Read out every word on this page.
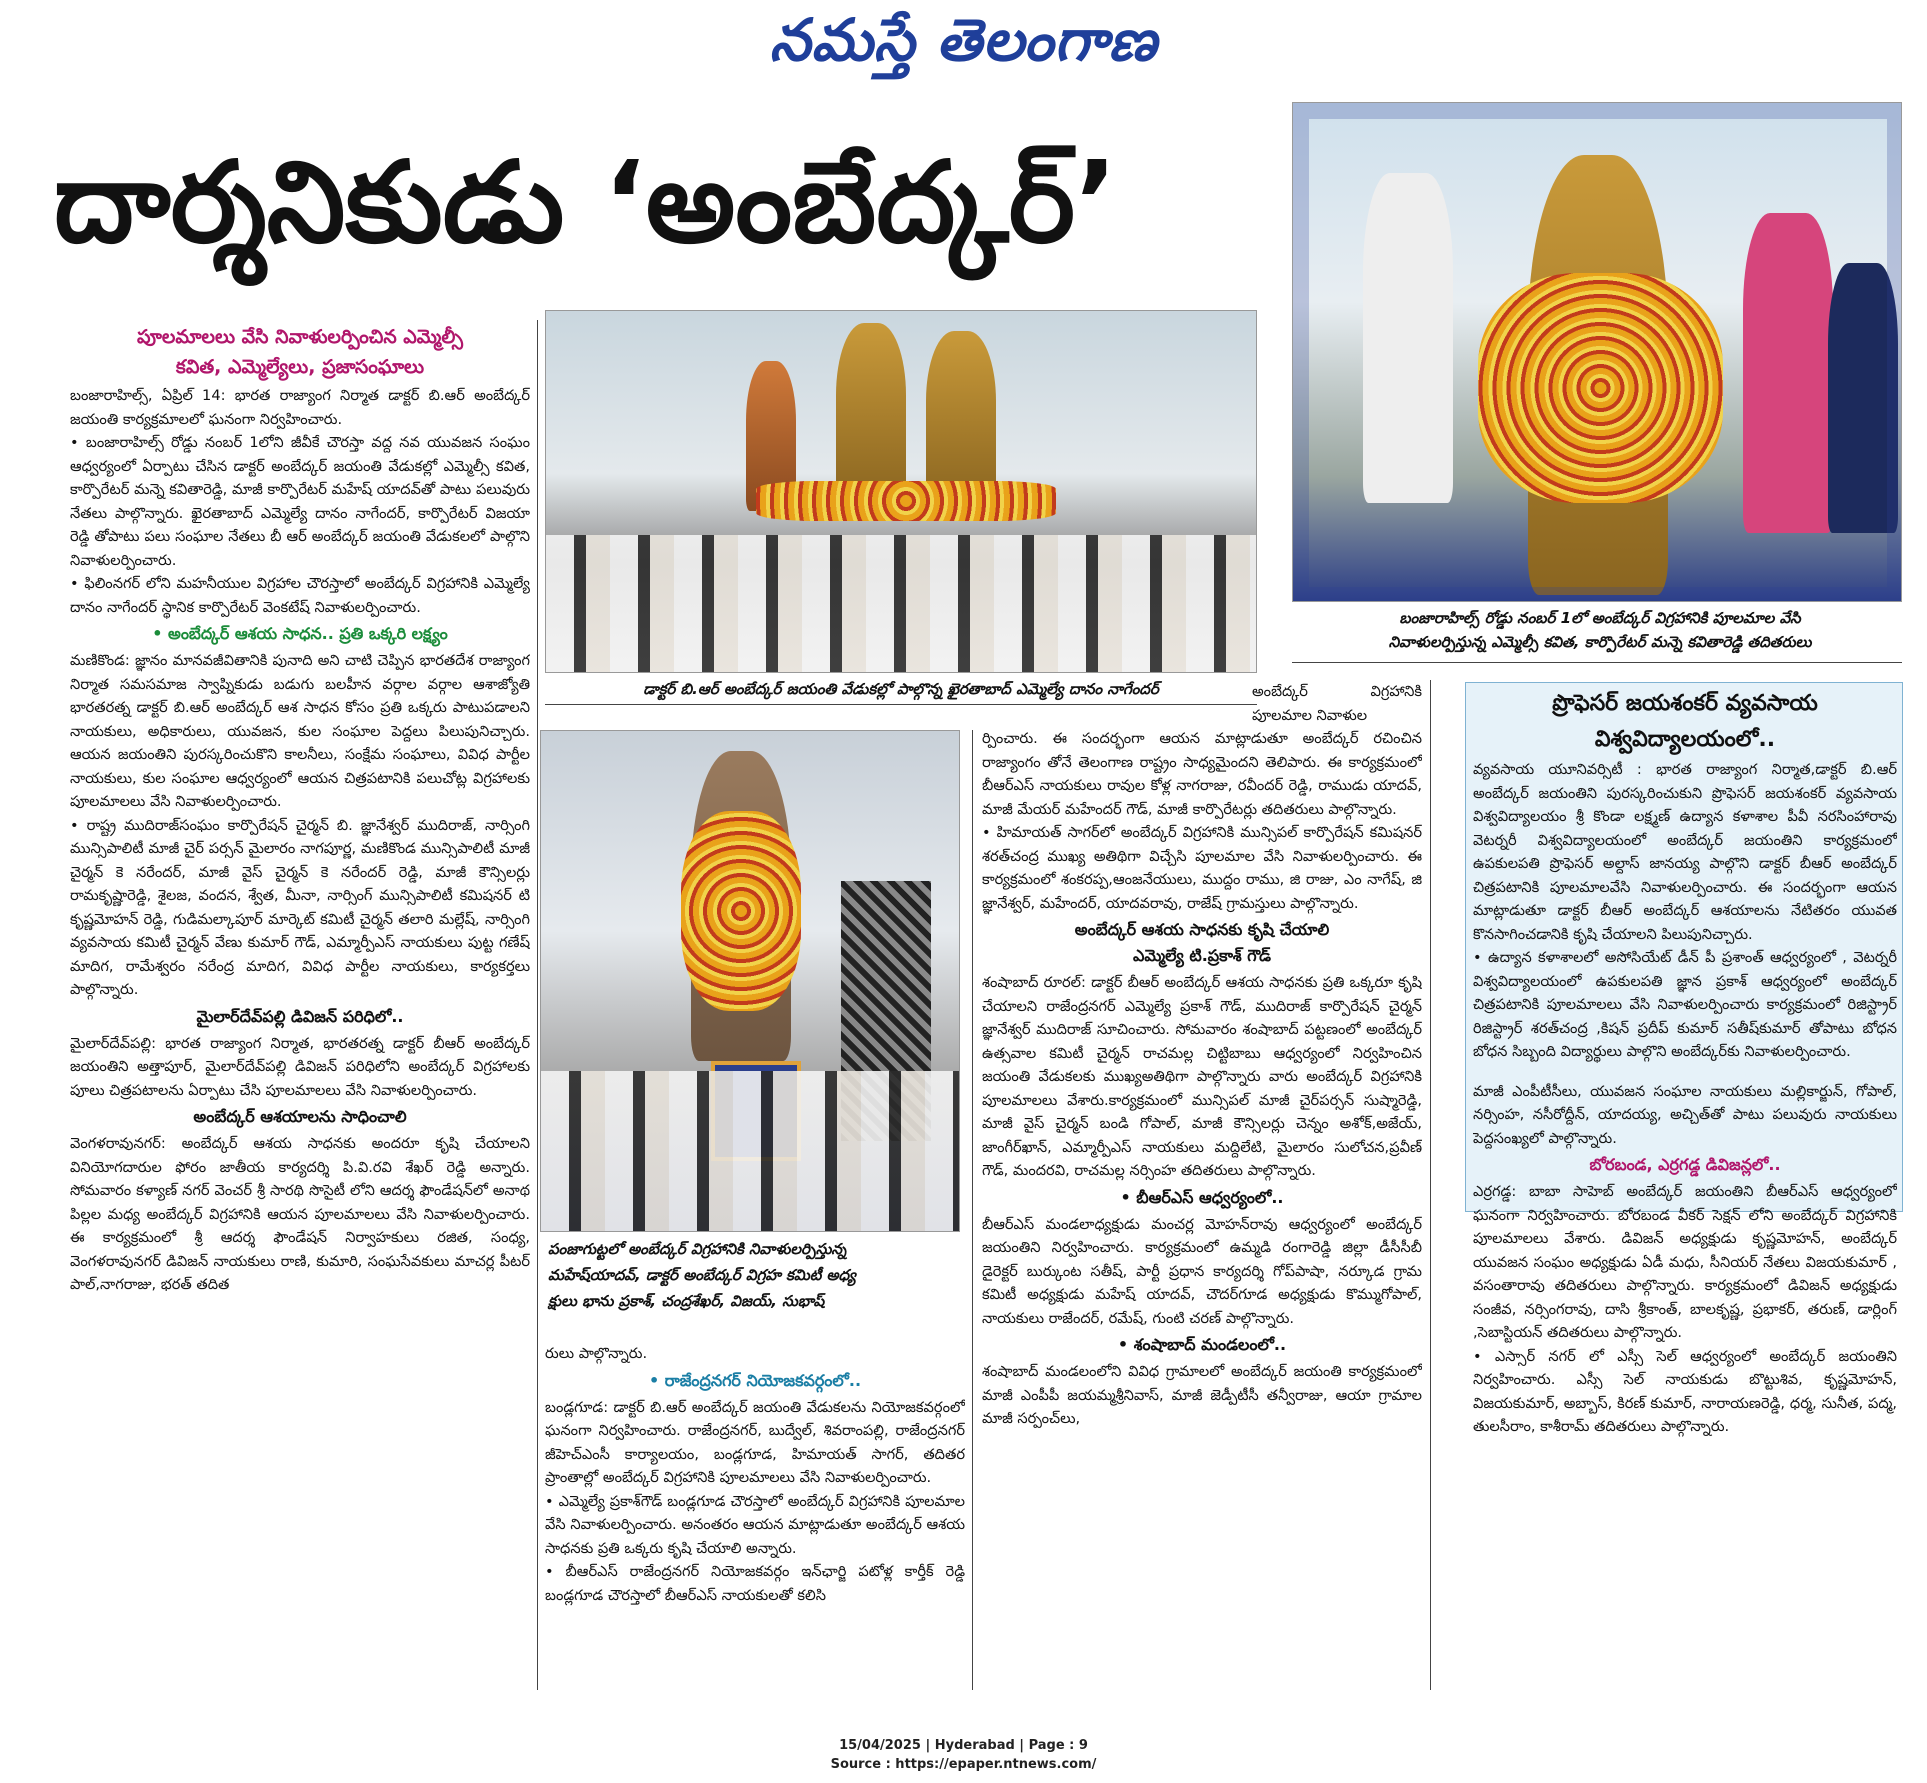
నమస్తే తెలంగాణ
దార్శనికుడు ‘అంబేద్కర్’
బంజారాహిల్స్ రోడ్డు నంబర్ 1లో అంబేద్కర్ విగ్రహానికి పూలమాల వేసి
నివాళులర్పిస్తున్న ఎమ్మెల్సీ కవిత, కార్పొరేటర్ మన్నె కవితారెడ్డి తదితరులు
డాక్టర్ బి.ఆర్ అంబేద్కర్ జయంతి వేడుకల్లో పాల్గొన్న ఖైరతాబాద్ ఎమ్మెల్యే దానం నాగేందర్
పంజాగుట్టలో అంబేద్కర్ విగ్రహానికి నివాళులర్పిస్తున్న
మహేష్‌యాదవ్, డాక్టర్ అంబేద్కర్ విగ్రహ కమిటీ అధ్య
క్షులు భాను ప్రకాశ్, చంద్రశేఖర్, విజయ్, సుభాష్
పూలమాలలు వేసి నివాళులర్పించిన ఎమ్మెల్సీ
కవిత, ఎమ్మెల్యేలు, ప్రజాసంఘాలు

బంజారాహిల్స్, ఏప్రిల్ 14: భారత రాజ్యాంగ నిర్మాత డాక్టర్ బి.ఆర్ అంబేద్కర్ జయంతి కార్యక్రమాలలో ఘనంగా నిర్వహించారు.

• బంజారాహిల్స్ రోడ్డు నంబర్ 1లోని జీవీకే చౌరస్తా వద్ద నవ యువజన సంఘం ఆధ్వర్యంలో ఏర్పాటు చేసిన డాక్టర్ అంబేద్కర్ జయంతి వేడుకల్లో ఎమ్మెల్సీ కవిత, కార్పొరేటర్ మన్నె కవితారెడ్డి, మాజీ కార్పొరేటర్ మహేష్ యాదవ్‌తో పాటు పలువురు నేతలు పాల్గొన్నారు. ఖైరతాబాద్ ఎమ్మెల్యే దానం నాగేందర్, కార్పొరేటర్ విజయా రెడ్డి తోపాటు పలు సంఘాల నేతలు బీ ఆర్ అంబేద్కర్ జయంతి వేడుకలలో పాల్గొని నివాళులర్పించారు.

• ఫిలింనగర్ లోని మహనీయుల విగ్రహాల చౌరస్తాలో అంబేద్కర్ విగ్రహానికి ఎమ్మెల్యే దానం నాగేందర్ స్థానిక కార్పొరేటర్ వెంకటేష్ నివాళులర్పించారు.

• అంబేద్కర్ ఆశయ సాధన.. ప్రతి ఒక్కరి లక్ష్యం

మణికొండ: జ్ఞానం మానవజీవితానికి పునాది అని చాటి చెప్పిన భారతదేశ రాజ్యాంగ నిర్మాత సమసమాజ స్వాప్నికుడు బడుగు బలహీన వర్గాల వర్గాల ఆశాజ్యోతి భారతరత్న డాక్టర్ బి.ఆర్ అంబేద్కర్ ఆశ సాధన కోసం ప్రతి ఒక్కరు పాటుపడాలని నాయకులు, అధికారులు, యువజన, కుల సంఘాల పెద్దలు పిలుపునిచ్చారు. ఆయన జయంతిని పురస్కరించుకొని కాలనీలు, సంక్షేమ సంఘాలు, వివిధ పార్టీల నాయకులు, కుల సంఘాల ఆధ్వర్యంలో ఆయన చిత్రపటానికి పలుచోట్ల విగ్రహాలకు పూలమాలలు వేసి నివాళులర్పించారు.

• రాష్ట్ర ముదిరాజ్‌సంఘం కార్పొరేషన్ చైర్మన్ బి. జ్ఞానేశ్వర్ ముదిరాజ్, నార్సింగి మున్సిపాలిటీ మాజీ చైర్ పర్సన్ మైలారం నాగపూర్ణ, మణికొండ మున్సిపాలిటీ మాజీ చైర్మన్ కె నరేందర్, మాజీ వైస్ చైర్మన్ కె నరేందర్ రెడ్డి, మాజీ కౌన్సిలర్లు రామకృష్ణారెడ్డి, శైలజ, వందన, శ్వేత, మీనా, నార్సింగ్ మున్సిపాలిటీ కమిషనర్ టి కృష్ణమోహన్ రెడ్డి, గుడిమల్కాపూర్ మార్కెట్ కమిటీ చైర్మన్ తలారి మల్లేష్, నార్సింగి వ్యవసాయ కమిటీ చైర్మన్ వేణు కుమార్ గౌడ్, ఎమ్మార్పీఎస్ నాయకులు పుట్ట గణేష్ మాదిగ, రామేశ్వరం నరేంద్ర మాదిగ, వివిధ పార్టీల నాయకులు, కార్యకర్తలు పాల్గొన్నారు.

మైలార్‌దేవ్‌పల్లి డివిజన్ పరిధిలో..

మైలార్‌దేవ్‌పల్లి: భారత రాజ్యాంగ నిర్మాత, భారతరత్న డాక్టర్ బీఆర్ అంబేద్కర్ జయంతిని అత్తాపూర్, మైలార్‌దేవ్‌పల్లి డివిజన్ పరిధిలోని అంబేద్కర్ విగ్రహాలకు పూలు చిత్రపటాలను ఏర్పాటు చేసి పూలమాలలు వేసి నివాళులర్పించారు.

అంబేద్కర్ ఆశయాలను సాధించాలి

వెంగళరావునగర్: అంబేద్కర్ ఆశయ సాధనకు అందరూ కృషి చేయాలని వినియోగదారుల ఫోరం జాతీయ కార్యదర్శి పి.వి.రవి శేఖర్ రెడ్డి అన్నారు. సోమవారం కళ్యాణ్ నగర్ వెంచర్ శ్రీ సారథి సొసైటీ లోని ఆదర్శ ఫౌండేషన్‌లో అనాథ పిల్లల మధ్య అంబేద్కర్ విగ్రహానికి ఆయన పూలమాలలు వేసి నివాళులర్పించారు. ఈ కార్యక్రమంలో శ్రీ ఆదర్శ ఫౌండేషన్ నిర్వాహకులు రజిత, సంధ్య, వెంగళరావునగర్ డివిజన్ నాయకులు రాణి, కుమారి, సంఘసేవకులు మాచర్ల పీటర్ పాల్,నాగరాజు, భరత్ తదిత

రులు పాల్గొన్నారు.

• రాజేంద్రనగర్ నియోజకవర్గంలో..

బండ్లగూడ: డాక్టర్ బి.ఆర్ అంబేద్కర్ జయంతి వేడుకలను నియోజకవర్గంలో ఘనంగా నిర్వహించారు. రాజేంద్రనగర్, బుద్వేల్, శివరాంపల్లి, రాజేంద్రనగర్ జీహెచ్ఎంసీ కార్యాలయం, బండ్లగూడ, హిమాయత్ సాగర్, తదితర ప్రాంతాల్లో అంబేద్కర్ విగ్రహానికి పూలమాలలు వేసి నివాళులర్పించారు.

• ఎమ్మెల్యే ప్రకాశ్‌గౌడ్ బండ్లగూడ చౌరస్తాలో అంబేద్కర్ విగ్రహానికి పూలమాల వేసి నివాళులర్పించారు. అనంతరం ఆయన మాట్లాడుతూ అంబేద్కర్ ఆశయ సాధనకు ప్రతి ఒక్కరు కృషి చేయాలి అన్నారు.

• బీఆర్ఎస్ రాజేంద్రనగర్ నియోజకవర్గం ఇన్‌ఛార్జి పటోళ్ల కార్తీక్ రెడ్డి బండ్లగూడ చౌరస్తాలో బీఆర్ఎస్ నాయకులతో కలిసి

అంబేద్కర్ విగ్రహానికి పూలమాల నివాళుల

ర్పించారు. ఈ సందర్భంగా ఆయన మాట్లాడుతూ అంబేద్కర్ రచించిన రాజ్యాంగం తోనే తెలంగాణ రాష్ట్రం సాధ్యమైందని తెలిపారు. ఈ కార్యక్రమంలో బీఆర్ఎస్ నాయకులు రావుల కోళ్ల నాగరాజు, రవీందర్ రెడ్డి, రాముడు యాదవ్, మాజీ మేయర్ మహేందర్ గౌడ్, మాజీ కార్పొరేటర్లు తదితరులు పాల్గొన్నారు.

• హిమాయత్ సాగర్‌లో అంబేద్కర్ విగ్రహానికి మున్సిపల్ కార్పొరేషన్ కమిషనర్ శరత్‌చంద్ర ముఖ్య అతిథిగా విచ్చేసి పూలమాల వేసి నివాళులర్పించారు. ఈ కార్యక్రమంలో శంకరప్ప,ఆంజనేయులు, ముద్దం రాము, జి రాజు, ఎం నాగేష్, జి జ్ఞానేశ్వర్, మహేందర్, యాదవరావు, రాజేష్ గ్రామస్తులు పాల్గొన్నారు.

అంబేద్కర్ ఆశయ సాధనకు కృషి చేయాలి
ఎమ్మెల్యే టి.ప్రకాశ్ గౌడ్

శంషాబాద్ రూరల్: డాక్టర్ బీఆర్ అంబేద్కర్ ఆశయ సాధనకు ప్రతి ఒక్కరూ కృషి చేయాలని రాజేంద్రనగర్ ఎమ్మెల్యే ప్రకాశ్ గౌడ్, ముదిరాజ్ కార్పొరేషన్ చైర్మన్ జ్ఞానేశ్వర్ ముదిరాజ్ సూచించారు. సోమవారం శంషాబాద్ పట్టణంలో అంబేద్కర్ ఉత్సవాల కమిటీ చైర్మన్ రాచమల్ల చిట్టిబాబు ఆధ్వర్యంలో నిర్వహించిన జయంతి వేడుకలకు ముఖ్యఅతిథిగా పాల్గొన్నారు వారు అంబేద్కర్ విగ్రహానికి పూలమాలలు వేశారు.కార్యక్రమంలో మున్సిపల్ మాజీ చైర్‌పర్సన్ సుష్మారెడ్డి, మాజీ వైస్ చైర్మన్ బండి గోపాల్, మాజీ కౌన్సిలర్లు చెన్నం అశోక్,అజేయ్, జాంగీర్‌ఖాన్, ఎమ్మార్పీఎస్ నాయకులు మద్దిలేటి, మైలారం సులోచన,ప్రవీణ్ గౌడ్, మందరవి, రాచమల్ల నర్సింహ తదితరులు పాల్గొన్నారు.

• బీఆర్ఎస్ ఆధ్వర్యంలో..

బీఆర్ఎస్ మండలాధ్యక్షుడు మంచర్ల మోహన్‌రావు ఆధ్వర్యంలో అంబేద్కర్ జయంతిని నిర్వహించారు. కార్యక్రమంలో ఉమ్మడి రంగారెడ్డి జిల్లా డీసీసీబీ డైరెక్టర్ బుర్కుంట సతీష్, పార్టీ ప్రధాన కార్యదర్శి గోప్‌పాషా, నర్కూడ గ్రామ కమిటీ అధ్యక్షుడు మహేష్ యాదవ్, చౌదర్‌గూడ అధ్యక్షుడు కొమ్ముగోపాల్, నాయకులు రాజేందర్, రమేష్, గుంటి చరణ్ పాల్గొన్నారు.

• శంషాబాద్ మండలంలో..

శంషాబాద్ మండలంలోని వివిధ గ్రామాలలో అంబేద్కర్ జయంతి కార్యక్రమంలో మాజీ ఎంపీపీ జయమ్మశ్రీనివాస్, మాజీ జెడ్పీటీసీ తన్వీరాజు, ఆయా గ్రామాల మాజీ సర్పంచ్‌లు,

ప్రొఫెసర్ జయశంకర్ వ్యవసాయ
విశ్వవిద్యాలయంలో..

వ్యవసాయ యూనివర్సిటీ : భారత రాజ్యాంగ నిర్మాత,డాక్టర్ బి.ఆర్ అంబేద్కర్ జయంతిని పురస్కరించుకుని ప్రొఫెసర్ జయశంకర్ వ్యవసాయ విశ్వవిద్యాలయం శ్రీ కొండా లక్ష్మణ్ ఉద్యాన కళాశాల పీవీ నరసింహారావు వెటర్నరీ విశ్వవిద్యాలయంలో అంబేద్కర్ జయంతిని కార్యక్రమంలో ఉపకులపతి ప్రొఫెసర్ అల్దాస్ జానయ్య పాల్గొని డాక్టర్ బీఆర్ అంబేద్కర్ చిత్రపటానికి పూలమాలవేసి నివాళులర్పించారు. ఈ సందర్భంగా ఆయన మాట్లాడుతూ డాక్టర్ బీఆర్ అంబేద్కర్ ఆశయాలను నేటితరం యువత కొనసాగించడానికి కృషి చేయాలని పిలుపునిచ్చారు.

• ఉద్యాన కళాశాలలో అసోసియేట్ డీన్ పీ ప్రశాంత్ ఆధ్వర్యంలో , వెటర్నరీ విశ్వవిద్యాలయంలో ఉపకులపతి జ్ఞాన ప్రకాశ్ ఆధ్వర్యంలో అంబేద్కర్ చిత్రపటానికి పూలమాలలు వేసి నివాళులర్పించారు కార్యక్రమంలో రిజిస్ట్రార్ రిజిస్ట్రార్ శరత్‌చంద్ర ,కిషన్ ప్రదీప్ కుమార్ సతీష్‌కుమార్ తోపాటు బోధన బోధన సిబ్బంది విద్యార్థులు పాల్గొని అంబేద్కర్‌కు నివాళులర్పించారు.

మాజీ ఎంపీటీసీలు, యువజన సంఘాల నాయకులు మల్లికార్జున్, గోపాల్, నర్సింహ, నసీరోద్దీన్, యాదయ్య, అచ్చిత్‌తో పాటు పలువురు నాయకులు పెద్దసంఖ్యలో పాల్గొన్నారు.

బోరబండ, ఎర్రగడ్డ డివిజన్లలో..

ఎర్రగడ్డ: బాబా సాహెబ్ అంబేద్కర్ జయంతిని బీఆర్ఎస్ ఆధ్వర్యంలో ఘనంగా నిర్వహించారు. బోరబండ వీకర్ సెక్షన్ లోని అంబేద్కర్ విగ్రహానికి పూలమాలలు వేశారు. డివిజన్ అధ్యక్షుడు కృష్ణమోహన్, అంబేద్కర్ యువజన సంఘం అధ్యక్షుడు ఏడీ మధు, సీనియర్ నేతలు విజయకుమార్ , వసంతారావు తదితరులు పాల్గొన్నారు. కార్యక్రమంలో డివిజన్ అధ్యక్షుడు సంజీవ, నర్సింగరావు, దాసి శ్రీకాంత్, బాలకృష్ణ, ప్రభాకర్, తరుణ్, డార్లింగ్ ,సెబాస్టియన్ తదితరులు పాల్గొన్నారు.

• ఎస్సార్ నగర్ లో ఎస్సీ సెల్ ఆధ్వర్యంలో అంబేద్కర్ జయంతిని నిర్వహించారు. ఎస్సీ సెల్ నాయకుడు బొట్టుశివ, కృష్ణమోహన్, విజయకుమార్, అబ్బాస్, కిరణ్ కుమార్, నారాయణరెడ్డి, ధర్మ, సునీత, పద్మ, తులసీరాం, కాశీరామ్ తదితరులు పాల్గొన్నారు.

15/04/2025 | Hyderabad | Page : 9
Source : https://epaper.ntnews.com/
